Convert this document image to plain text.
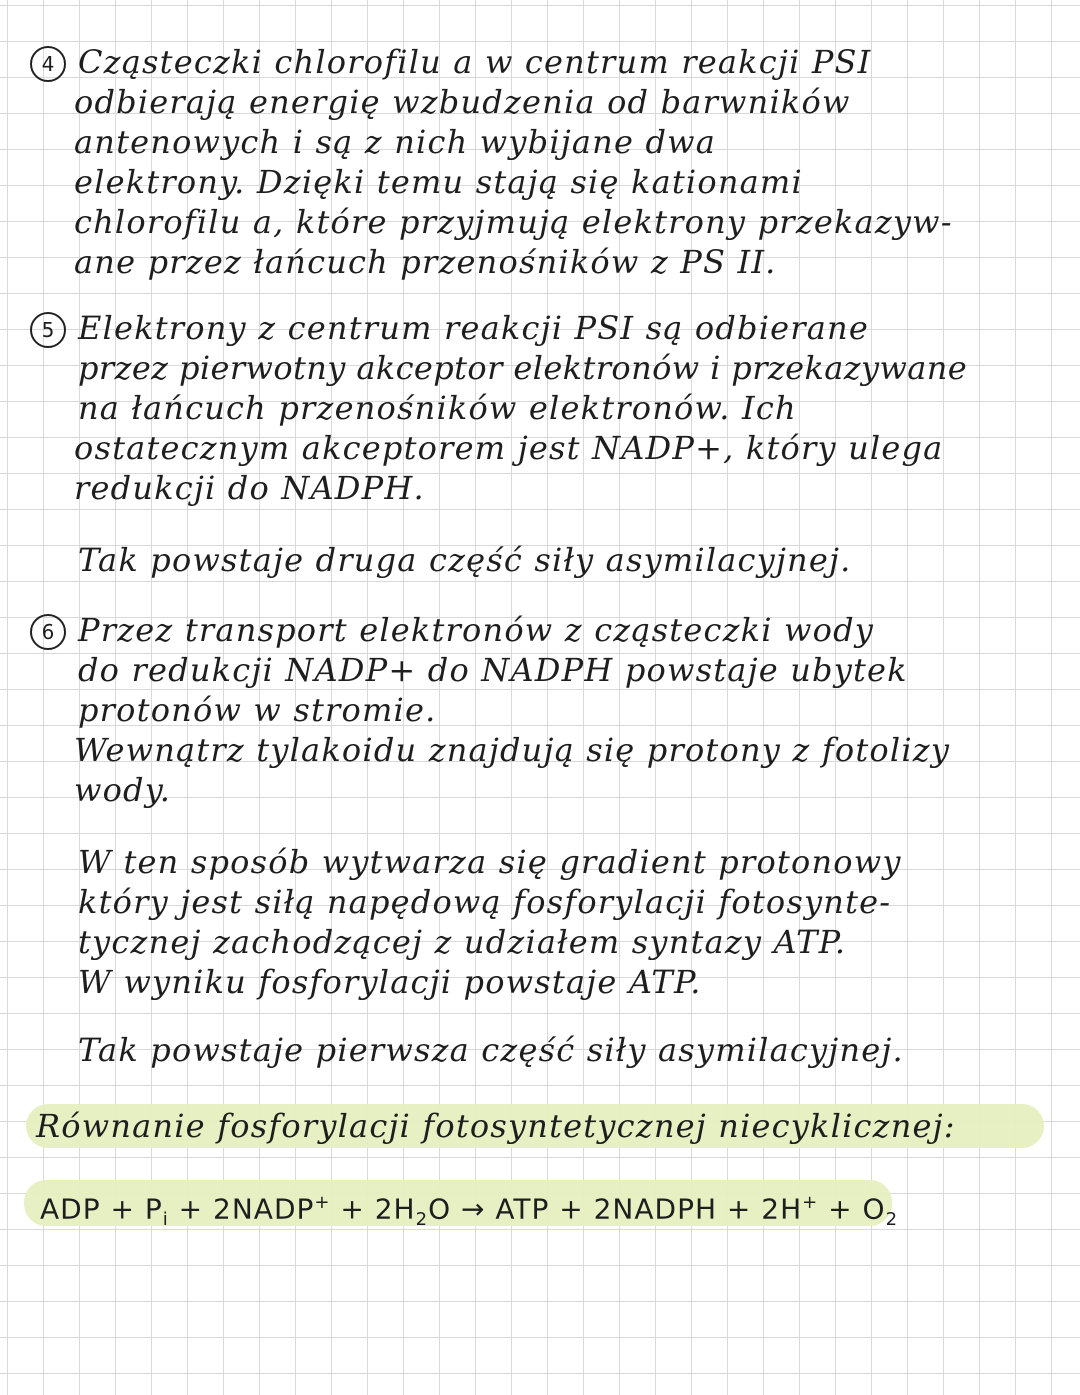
4 Cząsteczki chlorofilu a w centrum reakcji PSI
odbierają energię wzbudzenia od barwników
antenowych i są z nich wybijane dwa
elektrony. Dzięki temu stają się kationami
chlorofilu a, które przyjmują elektrony przekazyw-
ane przez łańcuch przenośników z PS II.
5 Elektrony z centrum reakcji PSI są odbierane
przez pierwotny akceptor elektronów i przekazywane
na łańcuch przenośników elektronów. Ich
ostatecznym akceptorem jest NADP+, który ulega
redukcji do NADPH.
Tak powstaje druga część siły asymilacyjnej.
6 Przez transport elektronów z cząsteczki wody
do redukcji NADP+ do NADPH powstaje ubytek
protonów w stromie.
Wewnątrz tylakoidu znajdują się protony z fotolizy
wody.
W ten sposób wytwarza się gradient protonowy
który jest siłą napędową fosforylacji fotosynte-
tycznej zachodzącej z udziałem syntazy ATP.
W wyniku fosforylacji powstaje ATP.
Tak powstaje pierwsza część siły asymilacyjnej.
Równanie fosforylacji fotosyntetycznej niecyklicznej:
ADP + $P_i$ + 2NADP+ + $2H_2O$ → ATP + 2NADPH + $2H^+ + O_2$
